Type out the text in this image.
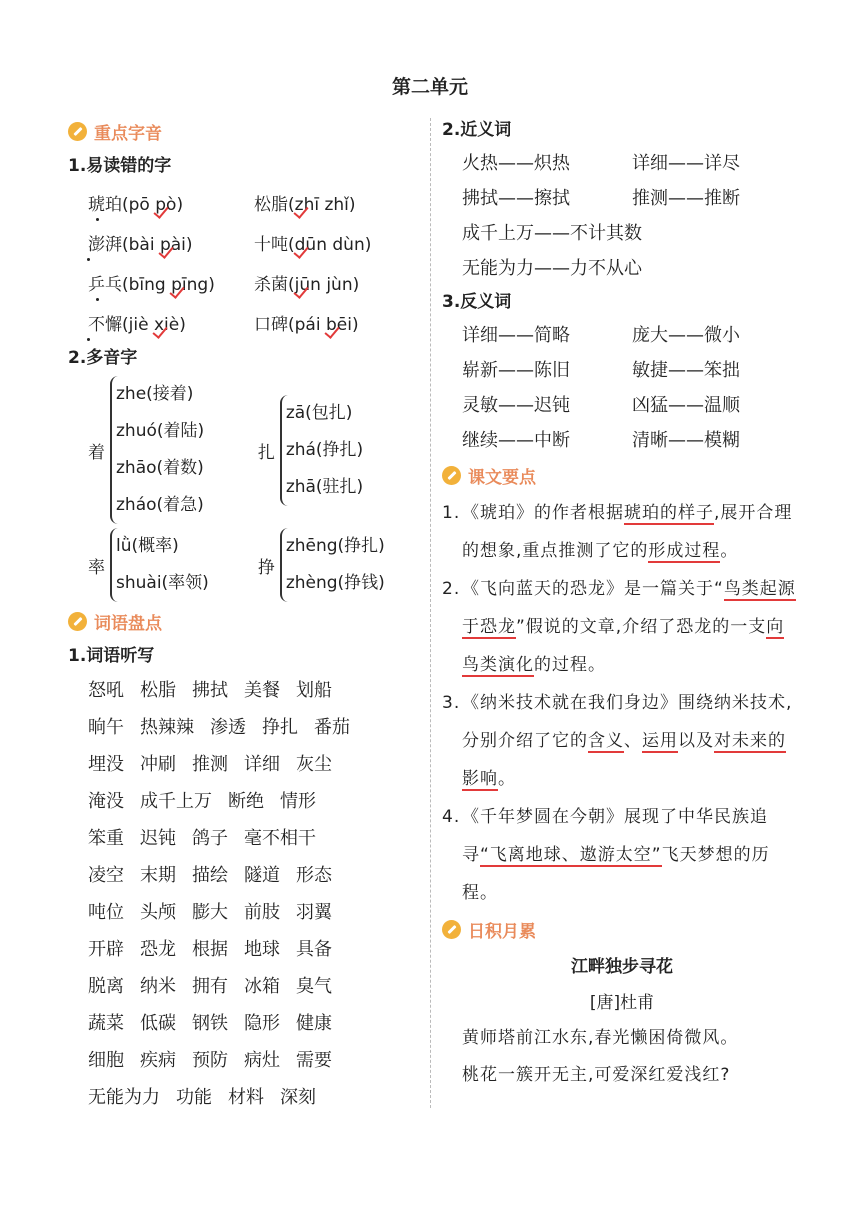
第二单元
重点字音
1.易读错的字
琥珀(pō pò)	松脂(zhī zhǐ)
澎湃(bài pài)	十吨(dūn dùn)
乒乓(bīng pīng)	杀菌(jūn jùn)
不懈(jiè xiè)	口碑(pái bēi)
2.多音字
着
zhe(接着)
zhuó(着陆)
zhāo(着数)
zháo(着急)
扎
zā(包扎)
zhá(挣扎)
zhā(驻扎)
率
lǜ(概率)
shuài(率领)
挣
zhēng(挣扎)
zhèng(挣钱)
词语盘点
1.词语听写
怒吼 松脂 拂拭 美餐 划船
晌午 热辣辣 渗透 挣扎 番茄
埋没 冲刷 推测 详细 灰尘
淹没 成千上万 断绝 情形
笨重 迟钝 鸽子 毫不相干
凌空 末期 描绘 隧道 形态
吨位 头颅 膨大 前肢 羽翼
开辟 恐龙 根据 地球 具备
脱离 纳米 拥有 冰箱 臭气
蔬菜 低碳 钢铁 隐形 健康
细胞 疾病 预防 病灶 需要
无能为力 功能 材料 深刻
2.近义词
火热——炽热	详细——详尽
拂拭——擦拭	推测——推断
成千上万——不计其数
无能为力——力不从心
3.反义词
详细——简略	庞大——微小
崭新——陈旧	敏捷——笨拙
灵敏——迟钝	凶猛——温顺
继续——中断	清晰——模糊
课文要点
1. 《琥珀》的作者根据琥珀的样子,展开合理的想象,重点推测了它的形成过程。
2. 《飞向蓝天的恐龙》是一篇关于“鸟类起源于恐龙”假说的文章,介绍了恐龙的一支向鸟类演化的过程。
3. 《纳米技术就在我们身边》围绕纳米技术,分别介绍了它的含义、运用以及对未来的影响。
4. 《千年梦圆在今朝》展现了中华民族追寻“飞离地球、遨游太空”飞天梦想的历程。
日积月累
江畔独步寻花
[唐]杜甫
黄师塔前江水东,春光懒困倚微风。
桃花一簇开无主,可爱深红爱浅红?
